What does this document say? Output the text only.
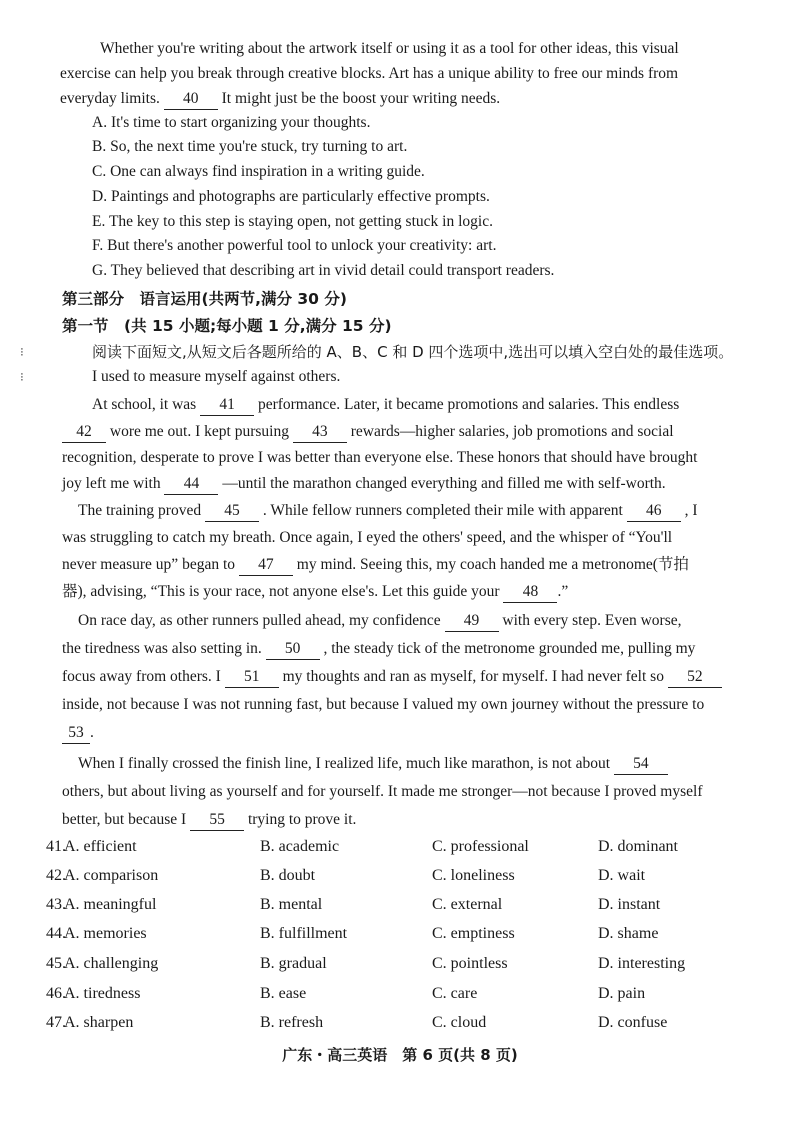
Whether you're writing about the artwork itself or using it as a tool for other ideas, this visual
exercise can help you break through creative blocks. Art has a unique ability to free our minds from
everyday limits. 40 It might just be the boost your writing needs.
A. It's time to start organizing your thoughts.
B. So, the next time you're stuck, try turning to art.
C. One can always find inspiration in a writing guide.
D. Paintings and photographs are particularly effective prompts.
E. The key to this step is staying open, not getting stuck in logic.
F. But there's another powerful tool to unlock your creativity: art.
G. They believed that describing art in vivid detail could transport readers.
第三部分　语言运用(共两节,满分 30 分)
第一节　(共 15 小题;每小题 1 分,满分 15 分)
阅读下面短文,从短文后各题所给的 A、B、C 和 D 四个选项中,选出可以填入空白处的最佳选项。
⁝
⁝	I used to measure myself against others.
At school, it was 41 performance. Later, it became promotions and salaries. This endless
42 wore me out. I kept pursuing 43 rewards—higher salaries, job promotions and social
recognition, desperate to prove I was better than everyone else. These honors that should have brought
joy left me with 44 —until the marathon changed everything and filled me with self-worth.
The training proved 45 . While fellow runners completed their mile with apparent 46 , I
was struggling to catch my breath. Once again, I eyed the others' speed, and the whisper of “You'll
never measure up” began to 47 my mind. Seeing this, my coach handed me a metronome(节拍
器), advising, “This is your race, not anyone else's. Let this guide your 48 .”
On race day, as other runners pulled ahead, my confidence 49 with every step. Even worse,
the tiredness was also setting in. 50 , the steady tick of the metronome grounded me, pulling my
focus away from others. I 51 my thoughts and ran as myself, for myself. I had never felt so 52
inside, not because I was not running fast, but because I valued my own journey without the pressure to
53 .
When I finally crossed the finish line, I realized life, much like marathon, is not about 54
others, but about living as yourself and for yourself. It made me stronger—not because I proved myself
better, but because I 55 trying to prove it.
41.
A. efficient	B. academic	C. professional	D. dominant
42.
A. comparison	B. doubt	C. loneliness	D. wait
43.
A. meaningful	B. mental	C. external	D. instant
44.
A. memories	B. fulfillment	C. emptiness	D. shame
45.
A. challenging	B. gradual	C. pointless	D. interesting
46.
A. tiredness	B. ease	C. care	D. pain
47.
A. sharpen	B. refresh	C. cloud	D. confuse
广东・高三英语　第 6 页(共 8 页)
